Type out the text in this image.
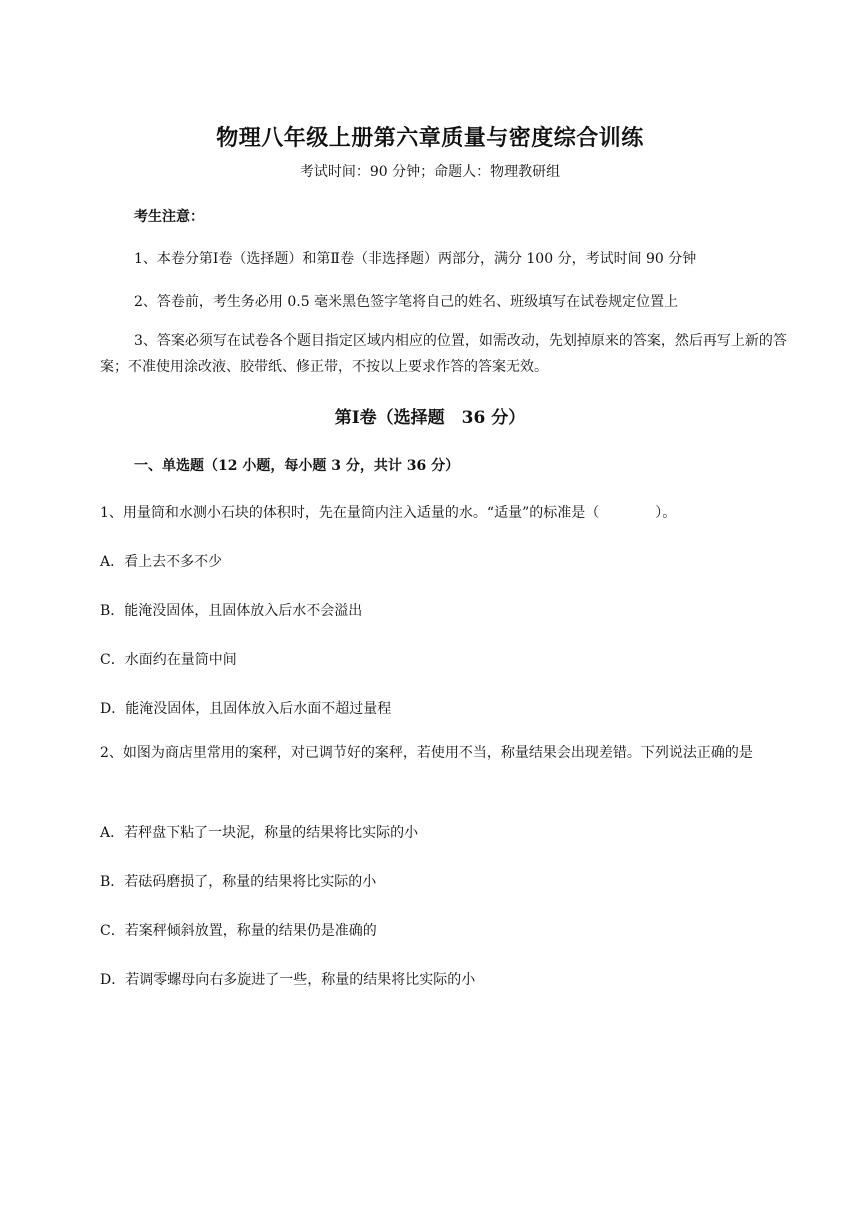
物理八年级上册第六章质量与密度综合训练
考试时间：90 分钟；命题人：物理教研组
考生注意：
1、本卷分第Ⅰ卷（选择题）和第Ⅱ卷（非选择题）两部分，满分 100 分，考试时间 90 分钟
2、答卷前，考生务必用 0.5 毫米黑色签字笔将自己的姓名、班级填写在试卷规定位置上
3、答案必须写在试卷各个题目指定区域内相应的位置，如需改动，先划掉原来的答案，然后再写上新的答案；不准使用涂改液、胶带纸、修正带，不按以上要求作答的答案无效。
第Ⅰ卷（选择题　36 分）
一、单选题（12 小题，每小题 3 分，共计 36 分）
1、用量筒和水测小石块的体积时，先在量筒内注入适量的水。“适量”的标准是（　　　　）。
A．看上去不多不少
B．能淹没固体，且固体放入后水不会溢出
C．水面约在量筒中间
D．能淹没固体，且固体放入后水面不超过量程
2、如图为商店里常用的案秤，对已调节好的案秤，若使用不当，称量结果会出现差错。下列说法正确的是
A．若秤盘下粘了一块泥，称量的结果将比实际的小
B．若砝码磨损了，称量的结果将比实际的小
C．若案秤倾斜放置，称量的结果仍是准确的
D．若调零螺母向右多旋进了一些，称量的结果将比实际的小
